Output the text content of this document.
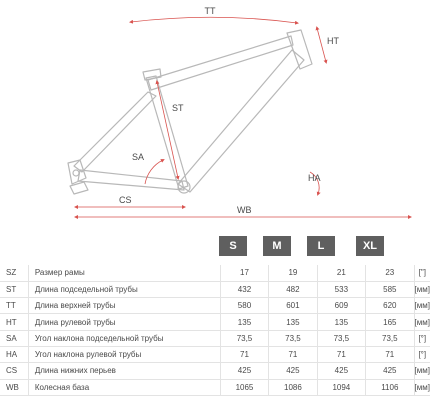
TT
HT
ST
SA
HA
CS
WB
S	M	L	XL
SZ	Размер рамы	17	19	21	23	["]
ST	Длина подседельной трубы	432	482	533	585	[мм]
TT	Длина верхней трубы	580	601	609	620	[мм]
HT	Длина рулевой трубы	135	135	135	165	[мм]
SA	Угол наклона подседельной трубы	73,5	73,5	73,5	73,5	[°]
HA	Угол наклона рулевой трубы	71	71	71	71	[°]
CS	Длина нижних перьев	425	425	425	425	[мм]
WB	Колесная база	1065	1086	1094	1106	[мм]
